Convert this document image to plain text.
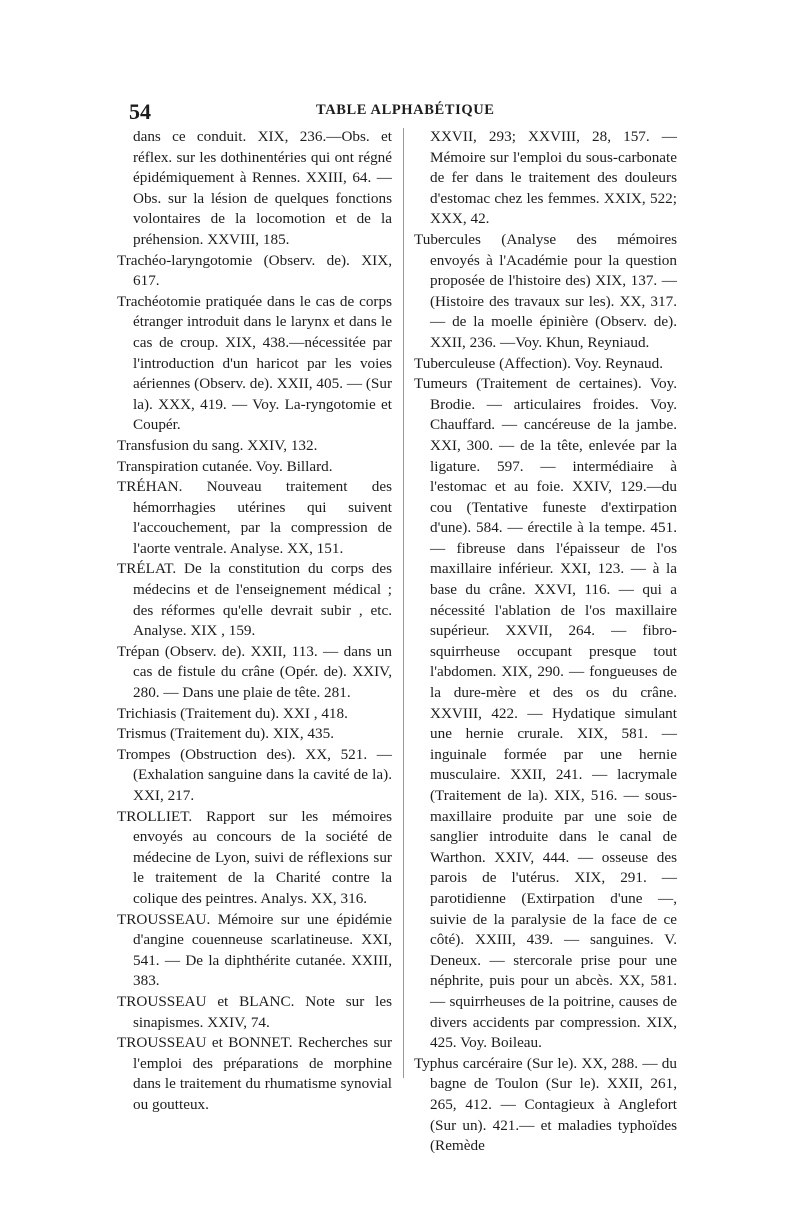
54	TABLE ALPHABÉTIQUE

dans ce conduit. XIX, 236.—Obs. et réflex. sur les dothinentéries qui ont régné épidémiquement à Rennes. XXIII, 64. — Obs. sur la lésion de quelques fonctions volontaires de la locomotion et de la préhension. XXVIII, 185.

Trachéo-laryngotomie (Observ. de). XIX, 617.

Trachéotomie pratiquée dans le cas de corps étranger introduit dans le larynx et dans le cas de croup. XIX, 438.—nécessitée par l'introduction d'un haricot par les voies aériennes (Observ. de). XXII, 405. — (Sur la). XXX, 419. — Voy. La-ryngotomie et Coupér.

Transfusion du sang. XXIV, 132.

Transpiration cutanée. Voy. Billard.

TRÉHAN. Nouveau traitement des hémorrhagies utérines qui suivent l'accouchement, par la compression de l'aorte ventrale. Analyse. XX, 151.

TRÉLAT. De la constitution du corps des médecins et de l'enseignement médical ; des réformes qu'elle devrait subir , etc. Analyse. XIX , 159.

Trépan (Observ. de). XXII, 113. — dans un cas de fistule du crâne (Opér. de). XXIV, 280. — Dans une plaie de tête. 281.

Trichiasis (Traitement du). XXI , 418.

Trismus (Traitement du). XIX, 435.

Trompes (Obstruction des). XX, 521. — (Exhalation sanguine dans la cavité de la). XXI, 217.

TROLLIET. Rapport sur les mémoires envoyés au concours de la société de médecine de Lyon, suivi de réflexions sur le traitement de la Charité contre la colique des peintres. Analys. XX, 316.

TROUSSEAU. Mémoire sur une épidémie d'angine couenneuse scarlatineuse. XXI, 541. — De la diphthérite cutanée. XXIII, 383.

TROUSSEAU et BLANC. Note sur les sinapismes. XXIV, 74.

TROUSSEAU et BONNET. Recherches sur l'emploi des préparations de morphine dans le traitement du rhumatisme synovial ou goutteux.

XXVII, 293; XXVIII, 28, 157. — Mémoire sur l'emploi du sous-carbonate de fer dans le traitement des douleurs d'estomac chez les femmes. XXIX, 522; XXX, 42.

Tubercules (Analyse des mémoires envoyés à l'Académie pour la question proposée de l'histoire des) XIX, 137. — (Histoire des travaux sur les). XX, 317. — de la moelle épinière (Observ. de). XXII, 236. —Voy. Khun, Reyniaud.

Tuberculeuse (Affection). Voy. Reynaud.

Tumeurs (Traitement de certaines). Voy. Brodie. — articulaires froides. Voy. Chauffard. — cancéreuse de la jambe. XXI, 300. — de la tête, enlevée par la ligature. 597. — intermédiaire à l'estomac et au foie. XXIV, 129.—du cou (Tentative funeste d'extirpation d'une). 584. — érectile à la tempe. 451. — fibreuse dans l'épaisseur de l'os maxillaire inférieur. XXI, 123. — à la base du crâne. XXVI, 116. — qui a nécessité l'ablation de l'os maxillaire supérieur. XXVII, 264. — fibro-squirrheuse occupant presque tout l'abdomen. XIX, 290. — fongueuses de la dure-mère et des os du crâne. XXVIII, 422. — Hydatique simulant une hernie crurale. XIX, 581. — inguinale formée par une hernie musculaire. XXII, 241. — lacrymale (Traitement de la). XIX, 516. — sous-maxillaire produite par une soie de sanglier introduite dans le canal de Warthon. XXIV, 444. — osseuse des parois de l'utérus. XIX, 291. — parotidienne (Extirpation d'une —, suivie de la paralysie de la face de ce côté). XXIII, 439. — sanguines. V. Deneux. — stercorale prise pour une néphrite, puis pour un abcès. XX, 581.— squirrheuses de la poitrine, causes de divers accidents par compression. XIX, 425. Voy. Boileau.

Typhus carcéraire (Sur le). XX, 288. — du bagne de Toulon (Sur le). XXII, 261, 265, 412. — Contagieux à Anglefort (Sur un). 421.— et maladies typhoïdes (Remède
